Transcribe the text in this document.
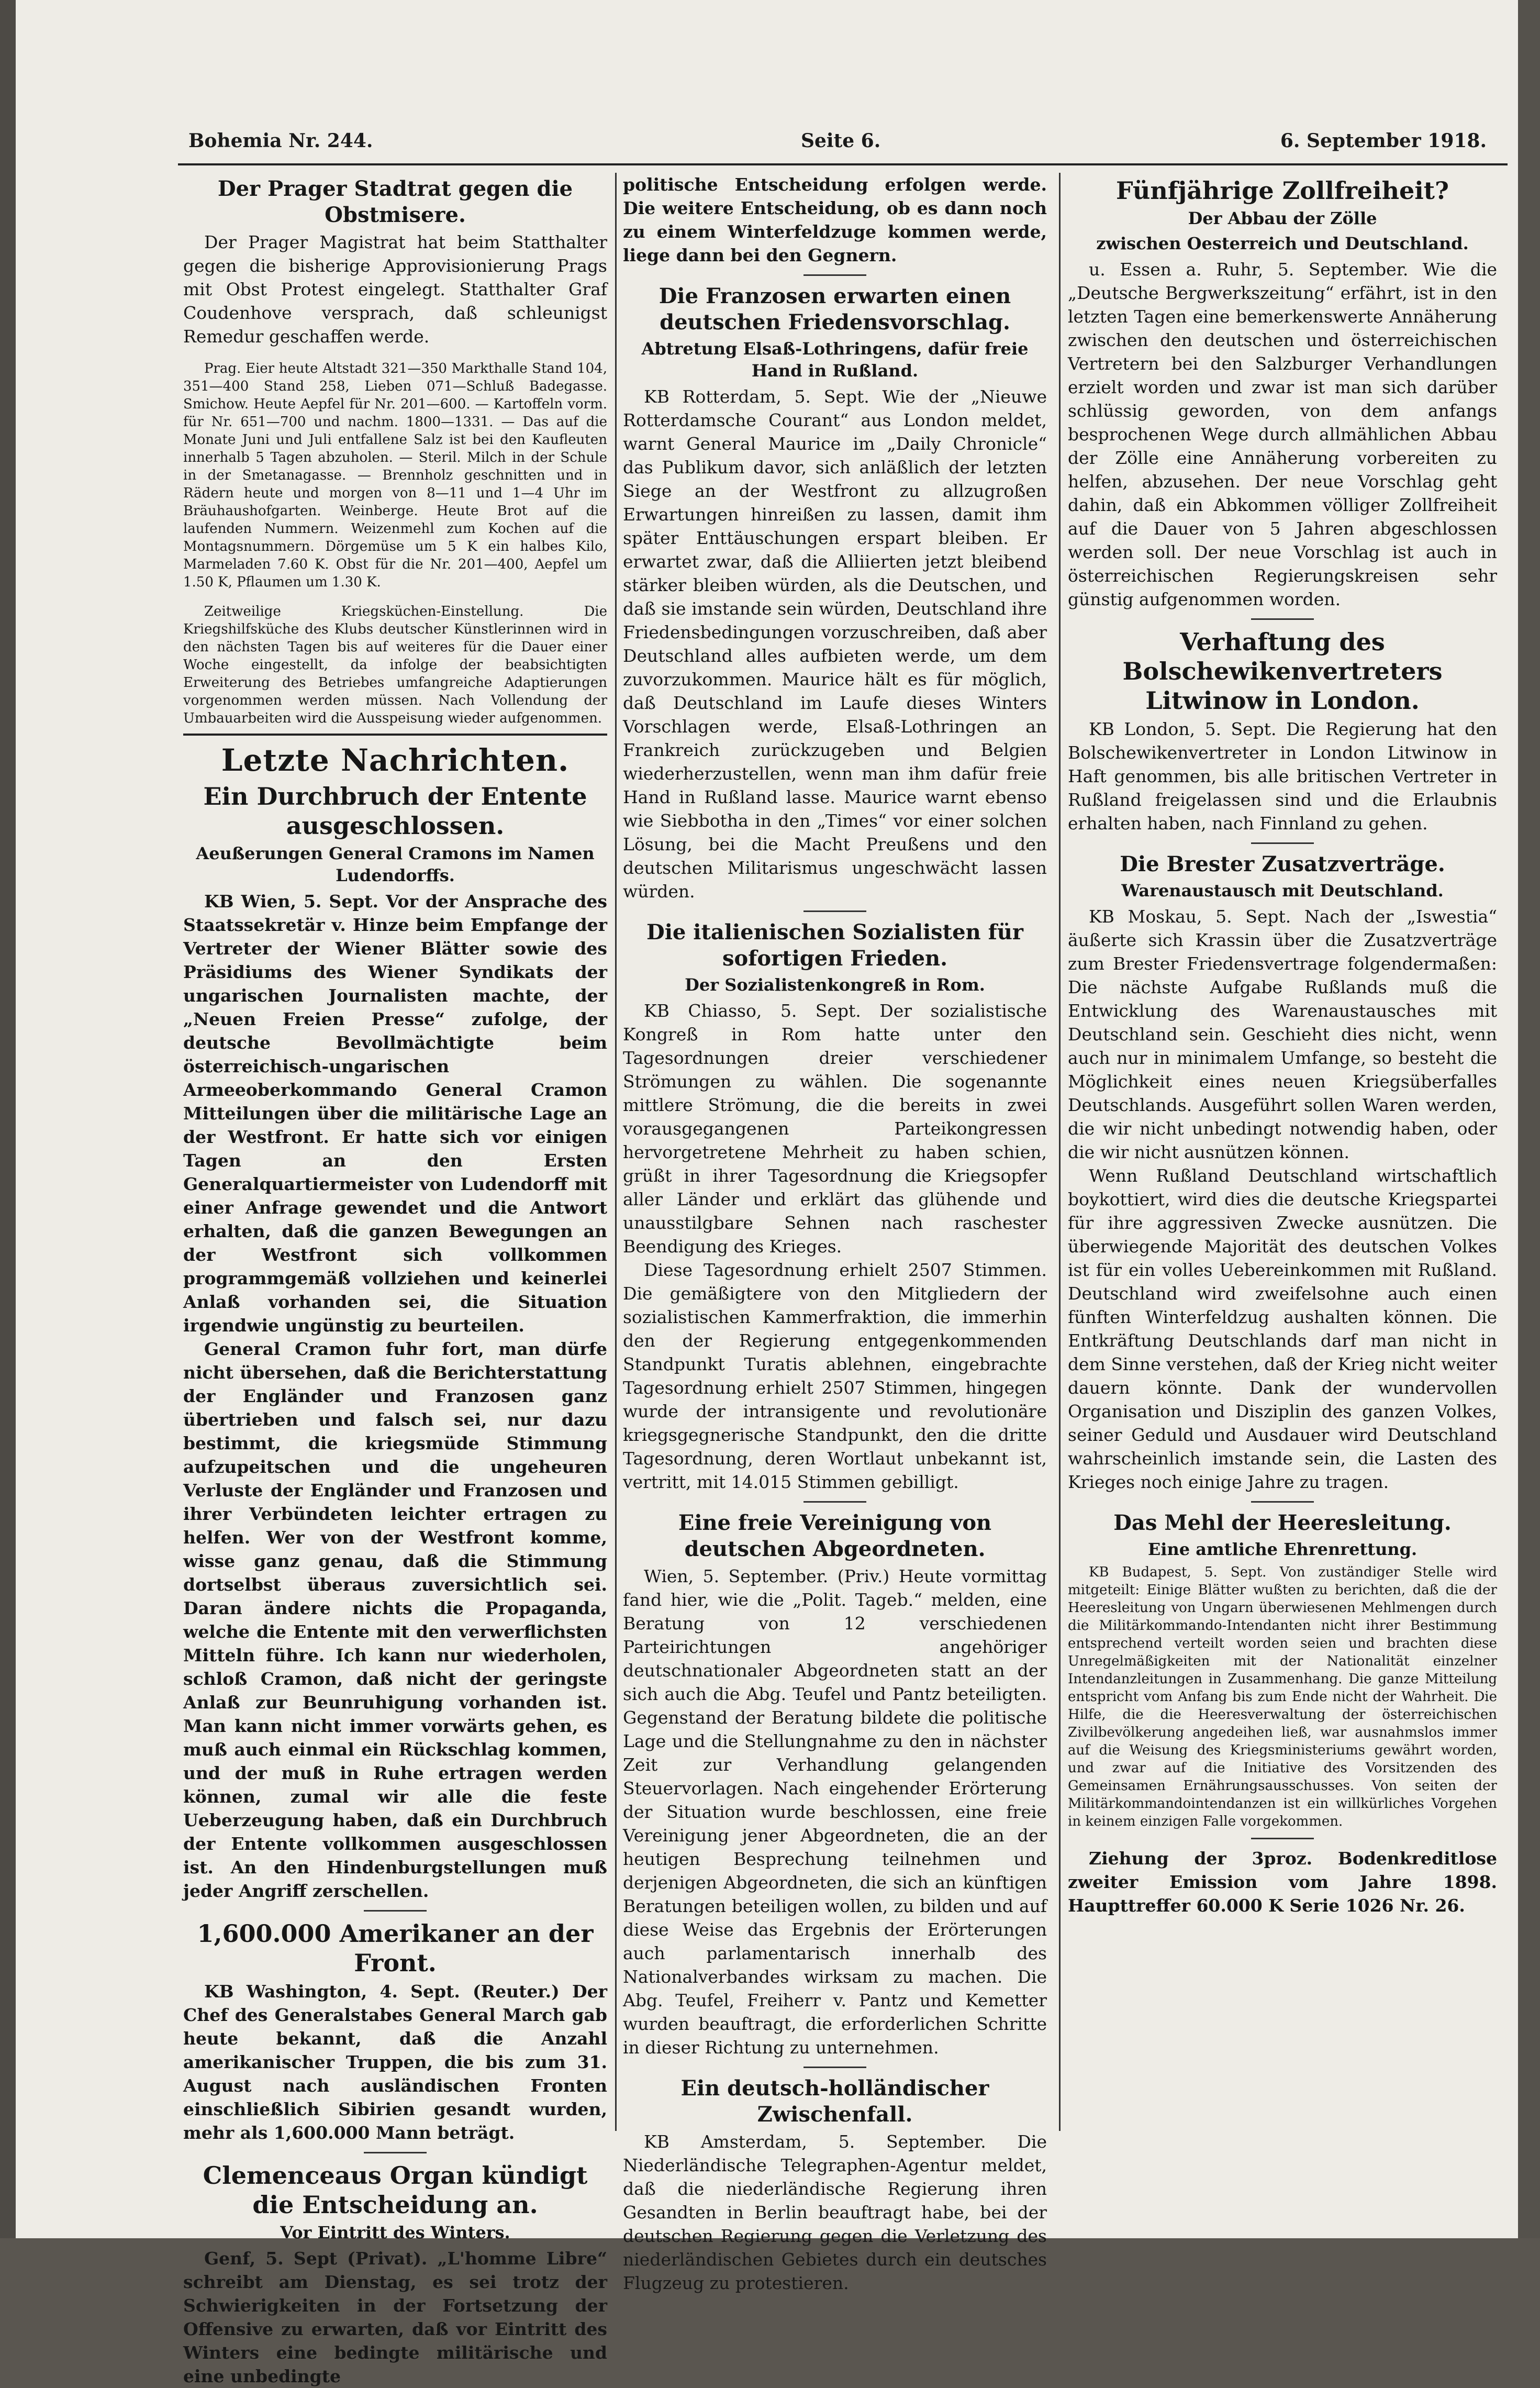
Bohemia Nr. 244.	Seite 6.	6. September 1918.
Der Prager Stadtrat gegen die Obstmisere.

Der Prager Magistrat hat beim Statthalter gegen die bisherige Approvisionierung Prags mit Obst Protest eingelegt. Statthalter Graf Coudenhove versprach, daß schleunigst Remedur geschaffen werde.

Prag. Eier heute Altstadt 321—350 Markthalle Stand 104, 351—400 Stand 258, Lieben 071—Schluß Badegasse. Smichow. Heute Aepfel für Nr. 201—600. — Kartoffeln vorm. für Nr. 651—700 und nachm. 1800—1331. — Das auf die Monate Juni und Juli entfallene Salz ist bei den Kaufleuten innerhalb 5 Tagen abzuholen. — Steril. Milch in der Schule in der Smetanagasse. — Brennholz geschnitten und in Rädern heute und morgen von 8—11 und 1—4 Uhr im Bräuhaushofgarten. Weinberge. Heute Brot auf die laufenden Nummern. Weizenmehl zum Kochen auf die Montagsnummern. Dörgemüse um 5 K ein halbes Kilo, Marmeladen 7.60 K. Obst für die Nr. 201—400, Aepfel um 1.50 K, Pflaumen um 1.30 K.

Zeitweilige Kriegsküchen-Einstellung. Die Kriegshilfsküche des Klubs deutscher Künstlerinnen wird in den nächsten Tagen bis auf weiteres für die Dauer einer Woche eingestellt, da infolge der beabsichtigten Erweiterung des Betriebes umfangreiche Adaptierungen vorgenommen werden müssen. Nach Vollendung der Umbauarbeiten wird die Ausspeisung wieder aufgenommen.

Letzte Nachrichten.
Ein Durchbruch der Entente ausgeschlossen.
Aeußerungen General Cramons im Namen Ludendorffs.

KB Wien, 5. Sept. Vor der Ansprache des Staatssekretär v. Hinze beim Empfange der Vertreter der Wiener Blätter sowie des Präsidiums des Wiener Syndikats der ungarischen Journalisten machte, der „Neuen Freien Presse“ zufolge, der deutsche Bevollmächtigte beim österreichisch-ungarischen Armeeoberkommando General Cramon Mitteilungen über die militärische Lage an der Westfront. Er hatte sich vor einigen Tagen an den Ersten Generalquartiermeister von Ludendorff mit einer Anfrage gewendet und die Antwort erhalten, daß die ganzen Bewegungen an der Westfront sich vollkommen programmgemäß vollziehen und keinerlei Anlaß vorhanden sei, die Situation irgendwie ungünstig zu beurteilen.

General Cramon fuhr fort, man dürfe nicht übersehen, daß die Berichterstattung der Engländer und Franzosen ganz übertrieben und falsch sei, nur dazu bestimmt, die kriegsmüde Stimmung aufzupeitschen und die ungeheuren Verluste der Engländer und Franzosen und ihrer Verbündeten leichter ertragen zu helfen. Wer von der Westfront komme, wisse ganz genau, daß die Stimmung dortselbst überaus zuversichtlich sei. Daran ändere nichts die Propaganda, welche die Entente mit den verwerflichsten Mitteln führe. Ich kann nur wiederholen, schloß Cramon, daß nicht der geringste Anlaß zur Beunruhigung vorhanden ist. Man kann nicht immer vorwärts gehen, es muß auch einmal ein Rückschlag kommen, und der muß in Ruhe ertragen werden können, zumal wir alle die feste Ueberzeugung haben, daß ein Durchbruch der Entente vollkommen ausgeschlossen ist. An den Hindenburgstellungen muß jeder Angriff zerschellen.

1,600.000 Amerikaner an der Front.

KB Washington, 4. Sept. (Reuter.) Der Chef des Generalstabes General March gab heute bekannt, daß die Anzahl amerikanischer Truppen, die bis zum 31. August nach ausländischen Fronten einschließlich Sibirien gesandt wurden, mehr als 1,600.000 Mann beträgt.

Clemenceaus Organ kündigt die Entscheidung an.
Vor Eintritt des Winters.

Genf, 5. Sept (Privat). „L'homme Libre“ schreibt am Dienstag, es sei trotz der Schwierigkeiten in der Fortsetzung der Offensive zu erwarten, daß vor Eintritt des Winters eine bedingte militärische und eine unbedingte

politische Entscheidung erfolgen werde. Die weitere Entscheidung, ob es dann noch zu einem Winterfeldzuge kommen werde, liege dann bei den Gegnern.

Die Franzosen erwarten einen deutschen Friedensvorschlag.
Abtretung Elsaß-Lothringens, dafür freie Hand in Rußland.

KB Rotterdam, 5. Sept. Wie der „Nieuwe Rotterdamsche Courant“ aus London meldet, warnt General Maurice im „Daily Chronicle“ das Publikum davor, sich anläßlich der letzten Siege an der Westfront zu allzugroßen Erwartungen hinreißen zu lassen, damit ihm später Enttäuschungen erspart bleiben. Er erwartet zwar, daß die Alliierten jetzt bleibend stärker bleiben würden, als die Deutschen, und daß sie imstande sein würden, Deutschland ihre Friedensbedingungen vorzuschreiben, daß aber Deutschland alles aufbieten werde, um dem zuvorzukommen. Maurice hält es für möglich, daß Deutschland im Laufe dieses Winters Vorschlagen werde, Elsaß-Lothringen an Frankreich zurückzugeben und Belgien wiederherzustellen, wenn man ihm dafür freie Hand in Rußland lasse. Maurice warnt ebenso wie Siebbotha in den „Times“ vor einer solchen Lösung, bei die Macht Preußens und den deutschen Militarismus ungeschwächt lassen würden.

Die italienischen Sozialisten für sofortigen Frieden.
Der Sozialistenkongreß in Rom.

KB Chiasso, 5. Sept. Der sozialistische Kongreß in Rom hatte unter den Tagesordnungen dreier verschiedener Strömungen zu wählen. Die sogenannte mittlere Strömung, die die bereits in zwei vorausgegangenen Parteikongressen hervorgetretene Mehrheit zu haben schien, grüßt in ihrer Tagesordnung die Kriegsopfer aller Länder und erklärt das glühende und unausstilgbare Sehnen nach raschester Beendigung des Krieges.

Diese Tagesordnung erhielt 2507 Stimmen. Die gemäßigtere von den Mitgliedern der sozialistischen Kammerfraktion, die immerhin den der Regierung entgegenkommenden Standpunkt Turatis ablehnen, eingebrachte Tagesordnung erhielt 2507 Stimmen, hingegen wurde der intransigente und revolutionäre kriegsgegnerische Standpunkt, den die dritte Tagesordnung, deren Wortlaut unbekannt ist, vertritt, mit 14.015 Stimmen gebilligt.

Eine freie Vereinigung von deutschen Abgeordneten.

Wien, 5. September. (Priv.) Heute vormittag fand hier, wie die „Polit. Tageb.“ melden, eine Beratung von 12 verschiedenen Parteirichtungen angehöriger deutschnationaler Abgeordneten statt an der sich auch die Abg. Teufel und Pantz beteiligten. Gegenstand der Beratung bildete die politische Lage und die Stellungnahme zu den in nächster Zeit zur Verhandlung gelangenden Steuervorlagen. Nach eingehender Erörterung der Situation wurde beschlossen, eine freie Vereinigung jener Abgeordneten, die an der heutigen Besprechung teilnehmen und derjenigen Abgeordneten, die sich an künftigen Beratungen beteiligen wollen, zu bilden und auf diese Weise das Ergebnis der Erörterungen auch parlamentarisch innerhalb des Nationalverbandes wirksam zu machen. Die Abg. Teufel, Freiherr v. Pantz und Kemetter wurden beauftragt, die erforderlichen Schritte in dieser Richtung zu unternehmen.

Ein deutsch-holländischer Zwischenfall.

KB Amsterdam, 5. September. Die Niederländische Telegraphen-Agentur meldet, daß die niederländische Regierung ihren Gesandten in Berlin beauftragt habe, bei der deutschen Regierung gegen die Verletzung des niederländischen Gebietes durch ein deutsches Flugzeug zu protestieren.

Fünfjährige Zollfreiheit?
Der Abbau der Zölle
zwischen Oesterreich und Deutschland.

u. Essen a. Ruhr, 5. September. Wie die „Deutsche Bergwerkszeitung“ erfährt, ist in den letzten Tagen eine bemerkenswerte Annäherung zwischen den deutschen und österreichischen Vertretern bei den Salzburger Verhandlungen erzielt worden und zwar ist man sich darüber schlüssig geworden, von dem anfangs besprochenen Wege durch allmählichen Abbau der Zölle eine Annäherung vorbereiten zu helfen, abzusehen. Der neue Vorschlag geht dahin, daß ein Abkommen völliger Zollfreiheit auf die Dauer von 5 Jahren abgeschlossen werden soll. Der neue Vorschlag ist auch in österreichischen Regierungskreisen sehr günstig aufgenommen worden.

Verhaftung des Bolschewikenvertreters Litwinow in London.

KB London, 5. Sept. Die Regierung hat den Bolschewikenvertreter in London Litwinow in Haft genommen, bis alle britischen Vertreter in Rußland freigelassen sind und die Erlaubnis erhalten haben, nach Finnland zu gehen.

Die Brester Zusatzverträge.
Warenaustausch mit Deutschland.

KB Moskau, 5. Sept. Nach der „Iswestia“ äußerte sich Krassin über die Zusatzverträge zum Brester Friedensvertrage folgendermaßen: Die nächste Aufgabe Rußlands muß die Entwicklung des Warenaustausches mit Deutschland sein. Geschieht dies nicht, wenn auch nur in minimalem Umfange, so besteht die Möglichkeit eines neuen Kriegsüberfalles Deutschlands. Ausgeführt sollen Waren werden, die wir nicht unbedingt notwendig haben, oder die wir nicht ausnützen können.

Wenn Rußland Deutschland wirtschaftlich boykottiert, wird dies die deutsche Kriegspartei für ihre aggressiven Zwecke ausnützen. Die überwiegende Majorität des deutschen Volkes ist für ein volles Uebereinkommen mit Rußland. Deutschland wird zweifelsohne auch einen fünften Winterfeldzug aushalten können. Die Entkräftung Deutschlands darf man nicht in dem Sinne verstehen, daß der Krieg nicht weiter dauern könnte. Dank der wundervollen Organisation und Disziplin des ganzen Volkes, seiner Geduld und Ausdauer wird Deutschland wahrscheinlich imstande sein, die Lasten des Krieges noch einige Jahre zu tragen.

Das Mehl der Heeresleitung.
Eine amtliche Ehrenrettung.

KB Budapest, 5. Sept. Von zuständiger Stelle wird mitgeteilt: Einige Blätter wußten zu berichten, daß die der Heeresleitung von Ungarn überwiesenen Mehlmengen durch die Militärkommando-Intendanten nicht ihrer Bestimmung entsprechend verteilt worden seien und brachten diese Unregelmäßigkeiten mit der Nationalität einzelner Intendanzleitungen in Zusammenhang. Die ganze Mitteilung entspricht vom Anfang bis zum Ende nicht der Wahrheit. Die Hilfe, die die Heeresverwaltung der österreichischen Zivilbevölkerung angedeihen ließ, war ausnahmslos immer auf die Weisung des Kriegsministeriums gewährt worden, und zwar auf die Initiative des Vorsitzenden des Gemeinsamen Ernährungsausschusses. Von seiten der Militärkommandointendanzen ist ein willkürliches Vorgehen in keinem einzigen Falle vorgekommen.

Ziehung der 3proz. Bodenkreditlose zweiter Emission vom Jahre 1898. Haupttreffer 60.000 K Serie 1026 Nr. 26.
